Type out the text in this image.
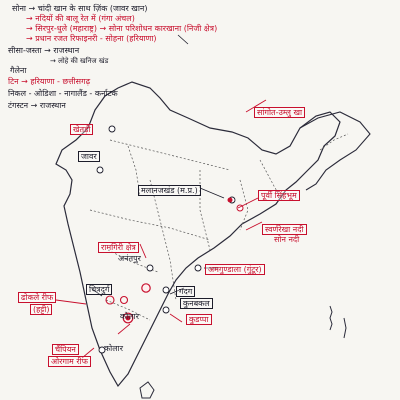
सोना → चांदी खान के साथ ज़िंक (जावर खान)
→ नदियों की बालू रेत में (गंगा अंचल)
→ सिरपुर-धुले (महाराष्ट्र) → सोना परिशोधन कारखाना (निजी क्षेत्र)
→ प्रधान रजत रिफाइनरी - सोहना (हरियाणा)
सीसा-जस्ता → राजस्थान
→ लोहे की खनिज खंड
गैलेना
टिन → हरियाणा - छत्तीसगढ़
निकल - ओडिशा - नागालैंड - कर्नाटक
टंगस्टन → राजस्थान
खेतड़ी
जावर
सांगोत-उम्लु खा
मलानजखंड (म.प्र.)
पूर्वी सिंहभूम
स्वर्णरेखा नदी
सोन नदी
रामगिरी क्षेत्र
अनंतपुर
अमगुण्डाला (गुंटूर)
चित्रदुर्ग
ढोकले रीफ
(हट्टी)
गदग
कुनबकल
कोलार	कुडप्पा
चैंपियन
ओरगाम रीफ
कोलार
